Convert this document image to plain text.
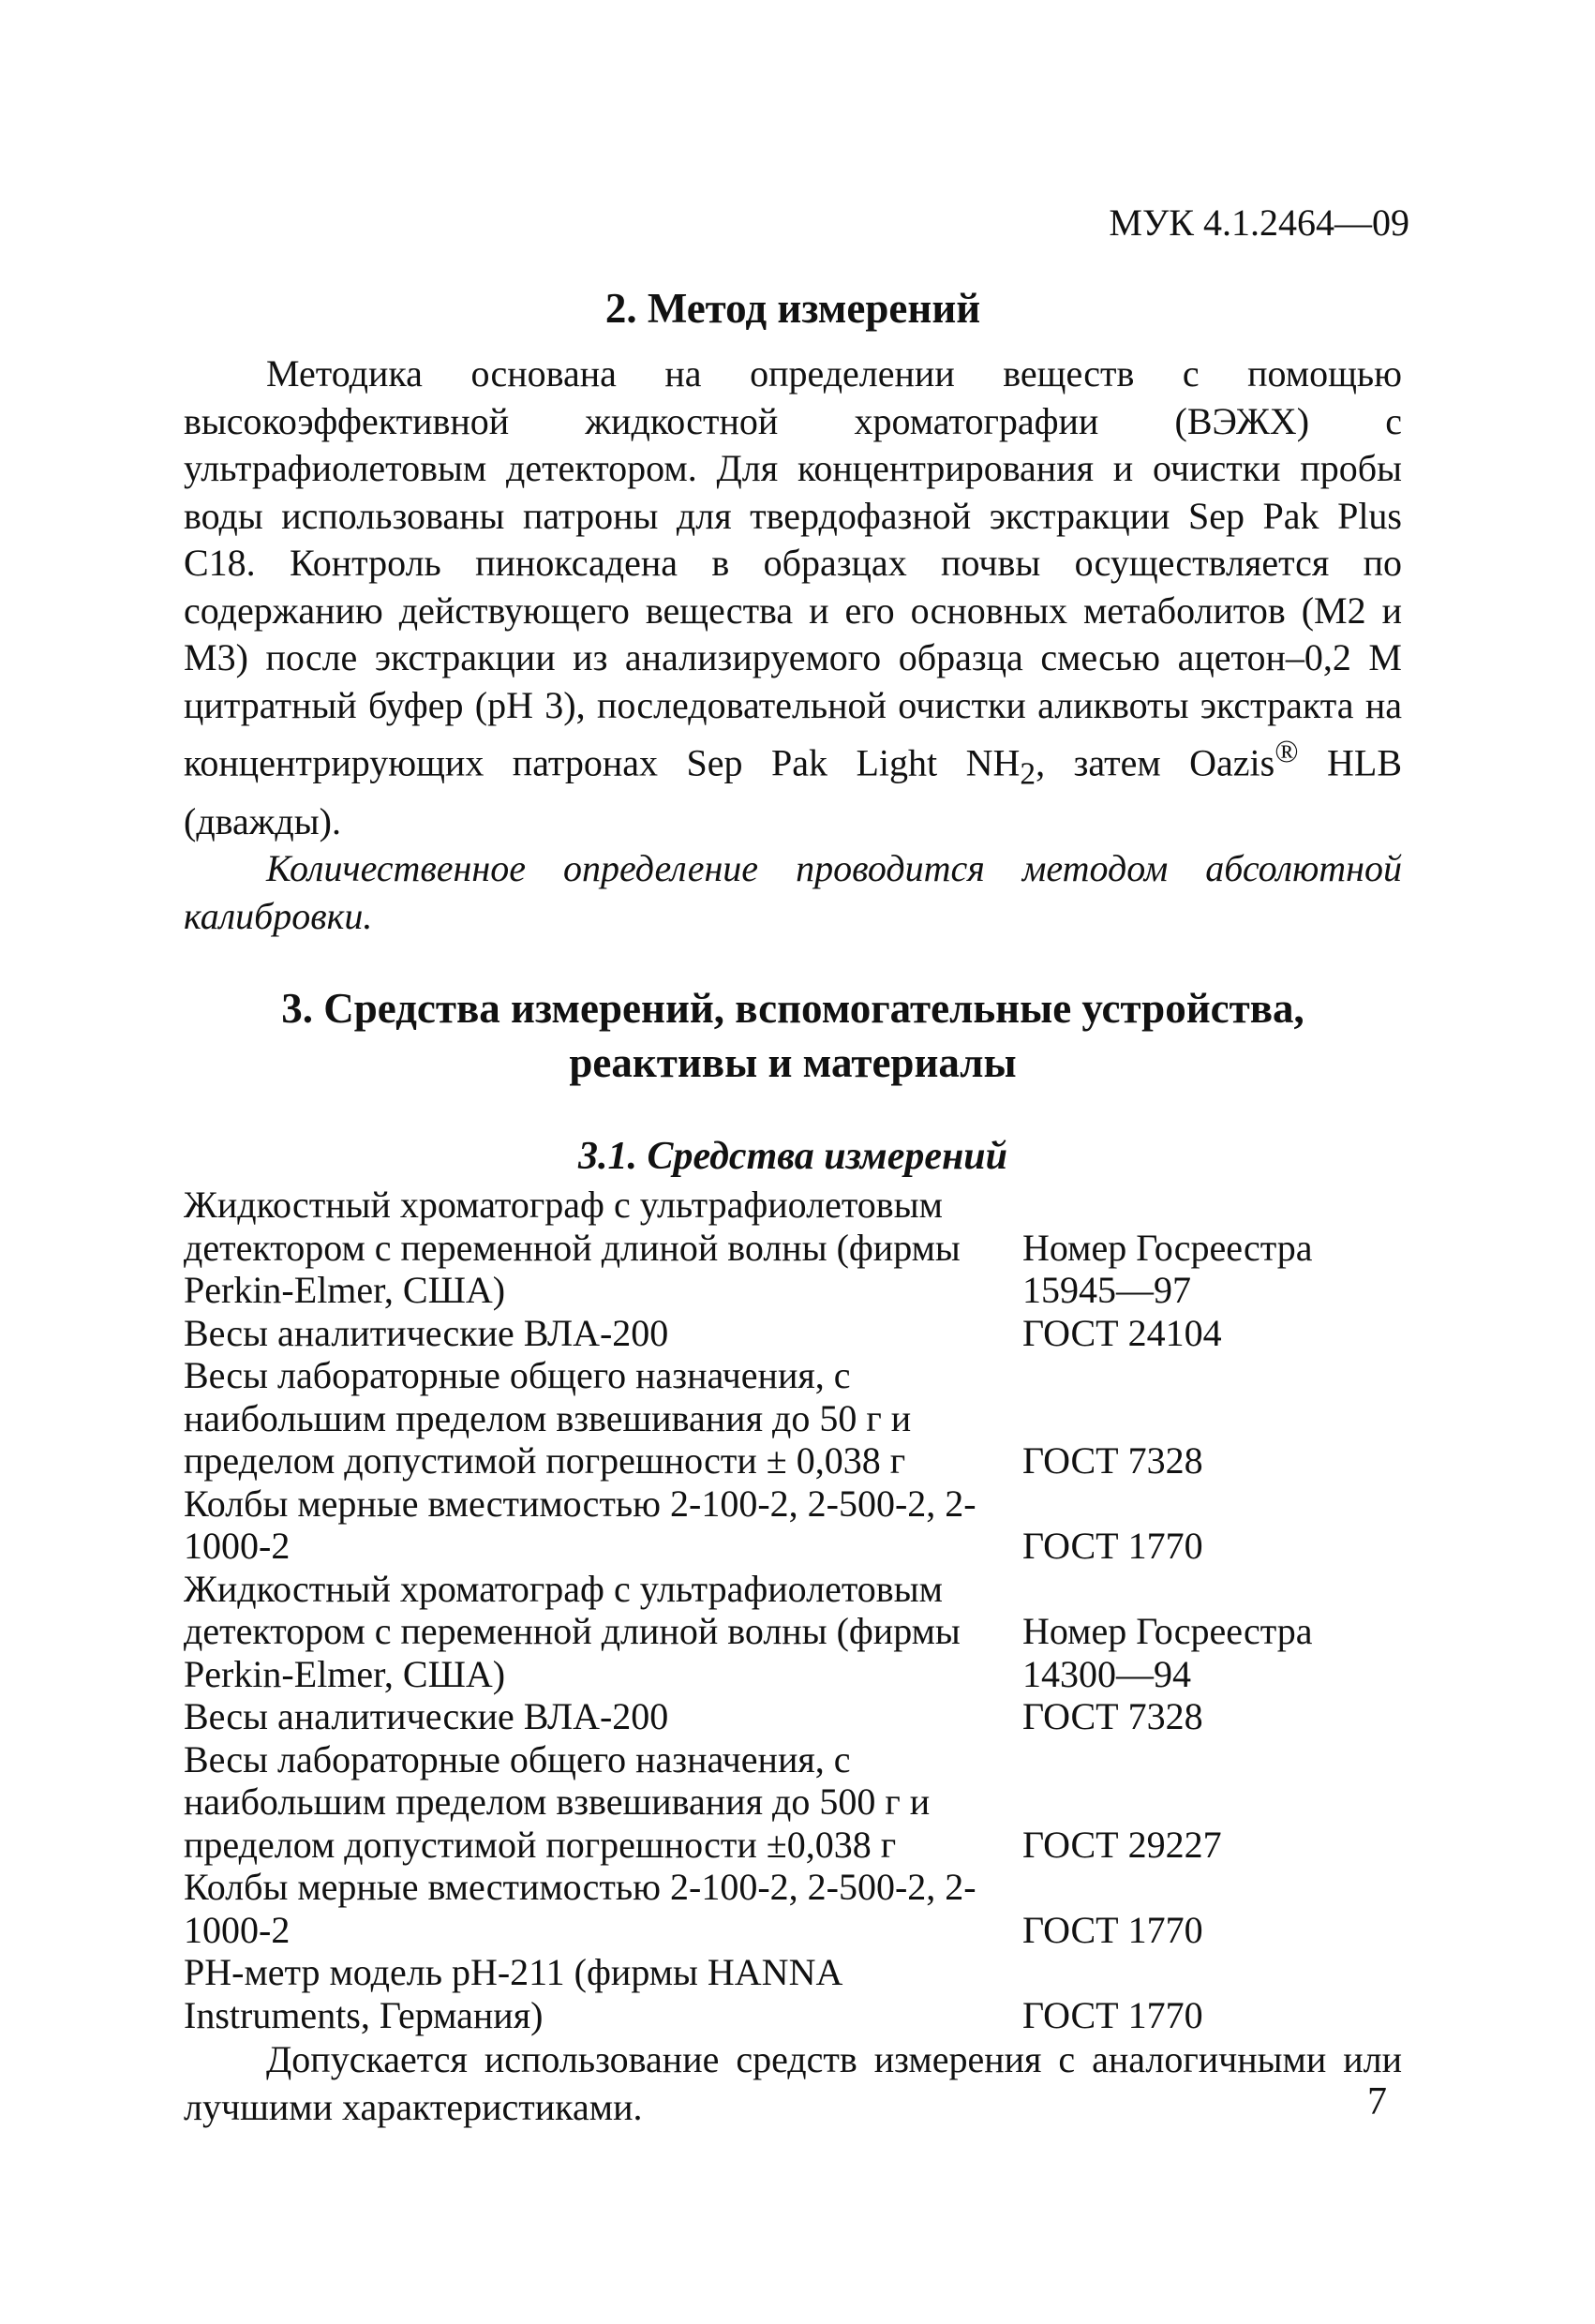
МУК 4.1.2464—09
2. Метод измерений

Методика основана на определении веществ с помощью высокоэффективной жидкостной хроматографии (ВЭЖХ) с ультрафиолетовым детектором. Для концентрирования и очистки пробы воды использованы патроны для твердофазной экстракции Sep Pak Plus C18. Контроль пиноксадена в образцах почвы осуществляется по содержанию действующего вещества и его основных метаболитов (М2 и М3) после экстракции из анализируемого образца смесью ацетон–0,2 М цитратный буфер (рН 3), последовательной очистки аликвоты экстракта на концентрирующих патронах Sep Pak Light $NH_2$, затем Oazis® HLB (дважды).

Количественное определение проводится методом абсолютной калибровки.

3. Средства измерений, вспомогательные устройства,
реактивы и материалы
3.1. Средства измерений
Жидкостный хроматограф с ультрафиолетовым детектором с переменной длиной волны (фирмы Perkin-Elmer, США)	Номер Госреестра
15945—97

Весы аналитические ВЛА-200	ГОСТ 24104

Весы лабораторные общего назначения, с наибольшим пределом взвешивания до 50 г и пределом допустимой погрешности ± 0,038 г	ГОСТ 7328

Колбы мерные вместимостью 2-100-2, 2-500-2, 2-1000-2	ГОСТ 1770

Жидкостный хроматограф с ультрафиолетовым детектором с переменной длиной волны (фирмы Perkin-Elmer, США)	Номер Госреестра
14300—94

Весы аналитические ВЛА-200	ГОСТ 7328

Весы лабораторные общего назначения, с наибольшим пределом взвешивания до 500 г и пределом допустимой погрешности ±0,038 г	ГОСТ 29227

Колбы мерные вместимостью 2-100-2, 2-500-2, 2-1000-2	ГОСТ 1770

РН-метр модель рН-211 (фирмы HANNA Instruments, Германия)	ГОСТ 1770

Допускается использование средств измерения с аналогичными или лучшими характеристиками.	7
